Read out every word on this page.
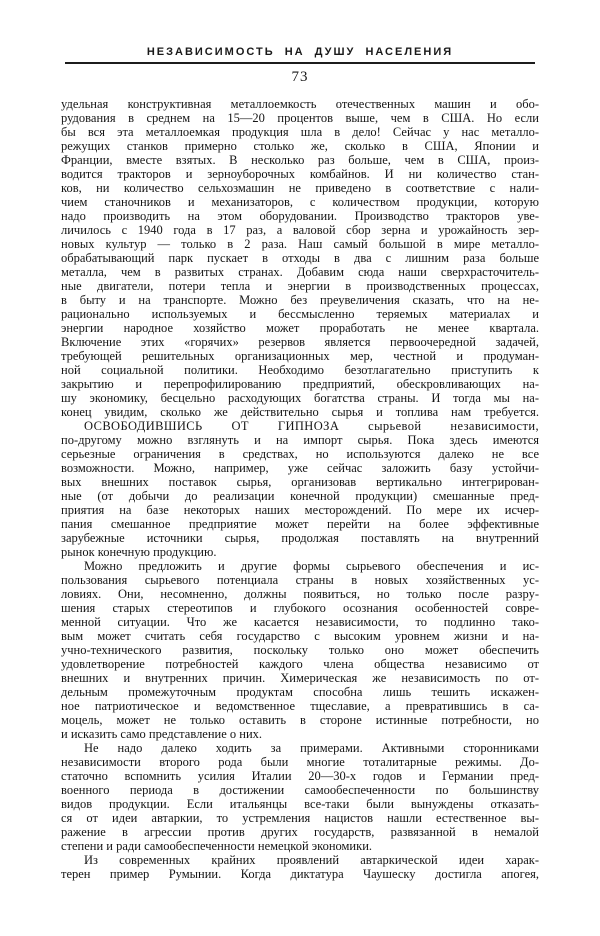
НЕЗАВИСИМОСТЬ НА ДУШУ НАСЕЛЕНИЯ
73
удельная конструктивная металлоемкость отечественных машин и обо-
рудования в среднем на 15—20 процентов выше, чем в США. Но если
бы вся эта металлоемкая продукция шла в дело! Сейчас у нас металло-
режущих станков примерно столько же, сколько в США, Японии и
Франции, вместе взятых. В несколько раз больше, чем в США, произ-
водится тракторов и зерноуборочных комбайнов. И ни количество стан-
ков, ни количество сельхозмашин не приведено в соответствие с нали-
чием станочников и механизаторов, с количеством продукции, которую
надо производить на этом оборудовании. Производство тракторов уве-
личилось с 1940 года в 17 раз, а валовой сбор зерна и урожайность зер-
новых культур — только в 2 раза. Наш самый большой в мире металло-
обрабатывающий парк пускает в отходы в два с лишним раза больше
металла, чем в развитых странах. Добавим сюда наши сверхрасточитель-
ные двигатели, потери тепла и энергии в производственных процессах,
в быту и на транспорте. Можно без преувеличения сказать, что на не-
рационально используемых и бессмысленно теряемых материалах и
энергии народное хозяйство может проработать не менее квартала.
Включение этих «горячих» резервов является первоочередной задачей,
требующей решительных организационных мер, честной и продуман-
ной социальной политики. Необходимо безотлагательно приступить к
закрытию и перепрофилированию предприятий, обескровливающих на-
шу экономику, бесцельно расходующих богатства страны. И тогда мы на-
конец увидим, сколько же действительно сырья и топлива нам требуется.
ОСВОБОДИВШИСЬ ОТ ГИПНОЗА сырьевой независимости,
по-другому можно взглянуть и на импорт сырья. Пока здесь имеются
серьезные ограничения в средствах, но используются далеко не все
возможности. Можно, например, уже сейчас заложить базу устойчи-
вых внешних поставок сырья, организовав вертикально интегрирован-
ные (от добычи до реализации конечной продукции) смешанные пред-
приятия на базе некоторых наших месторождений. По мере их исчер-
пания смешанное предприятие может перейти на более эффективные
зарубежные источники сырья, продолжая поставлять на внутренний
рынок конечную продукцию.
Можно предложить и другие формы сырьевого обеспечения и ис-
пользования сырьевого потенциала страны в новых хозяйственных ус-
ловиях. Они, несомненно, должны появиться, но только после разру-
шения старых стереотипов и глубокого осознания особенностей совре-
менной ситуации. Что же касается независимости, то подлинно тако-
вым может считать себя государство с высоким уровнем жизни и на-
учно-технического развития, поскольку только оно может обеспечить
удовлетворение потребностей каждого члена общества независимо от
внешних и внутренних причин. Химерическая же независимость по от-
дельным промежуточным продуктам способна лишь тешить искажен-
ное патриотическое и ведомственное тщеславие, а превратившись в са-
моцель, может не только оставить в стороне истинные потребности, но
и исказить само представление о них.
Не надо далеко ходить за примерами. Активными сторонниками
независимости второго рода были многие тоталитарные режимы. До-
статочно вспомнить усилия Италии 20—30-х годов и Германии пред-
военного периода в достижении самообеспеченности по большинству
видов продукции. Если итальянцы все-таки были вынуждены отказать-
ся от идеи автаркии, то устремления нацистов нашли естественное вы-
ражение в агрессии против других государств, развязанной в немалой
степени и ради самообеспеченности немецкой экономики.
Из современных крайних проявлений автаркической идеи харак-
терен пример Румынии. Когда диктатура Чаушеску достигла апогея,
